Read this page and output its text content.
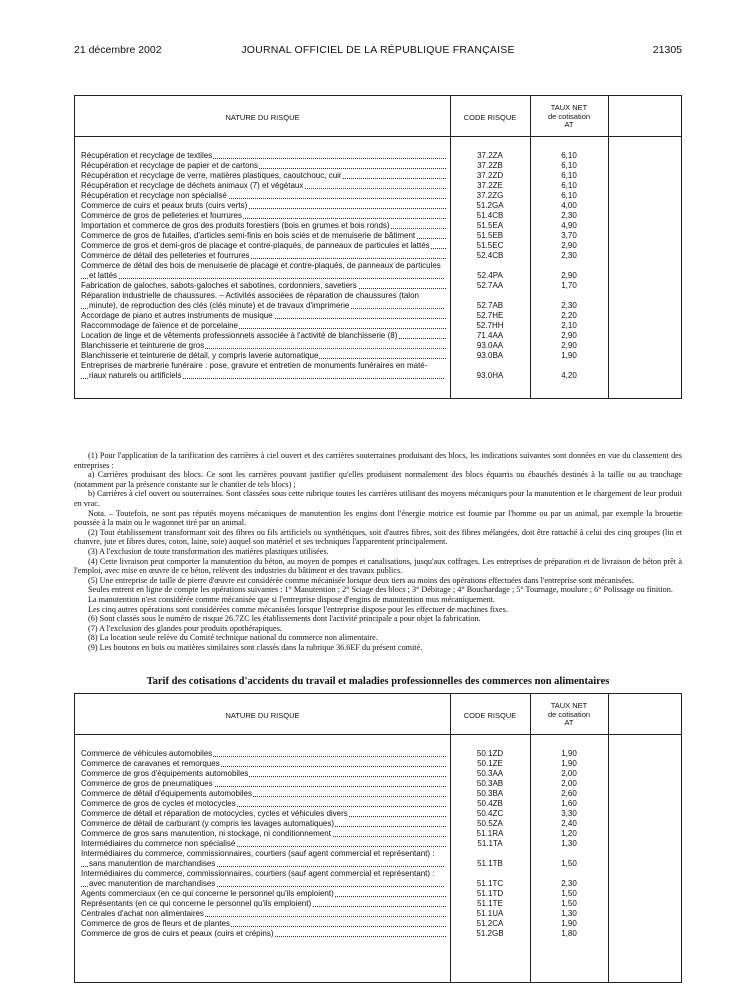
21 décembre 2002	JOURNAL OFFICIEL DE LA RÉPUBLIQUE FRANÇAISE	21305
NATURE DU RISQUE	CODE RISQUE
TAUX NET
de cotisation
AT
Récupération et recyclage de textiles	37.2ZA	6,10
Récupération et recyclage de papier et de cartons	37.2ZB	6,10
Récupération et recyclage de verre, matières plastiques, caoutchouc, cuir	37.2ZD	6,10
Récupération et recyclage de déchets animaux (7) et végétaux	37.2ZE	6,10
Récupération et recyclage non spécialisé	37.2ZG	6,10
Commerce de cuirs et peaux bruts (cuirs verts)	51.2GA	4,00
Commerce de gros de pelleteries et fourrures	51.4CB	2,30
Importation et commerce de gros des produits forestiers (bois en grumes et bois ronds)	51.5EA	4,90
Commerce de gros de futailles, d'articles semi-finis en bois sciés et de menuiserie de bâtiment	51.5EB	3,70
Commerce de gros et demi-gros de placage et contre-plaqués, de panneaux de particules et lattés	51.5EC	2,90
Commerce de détail des pelleteries et fourrures	52.4CB	2,30
Commerce de détail des bois de menuiserie de placage et contre-plaqués, de panneaux de particules
et lattés	52.4PA	2,90
Fabrication de galoches, sabots-galoches et sabotines, cordonniers, savetiers	52.7AA	1,70
Réparation industrielle de chaussures. – Activités associées de réparation de chaussures (talon
minute), de reproduction des clés (clés minute) et de travaux d'imprimerie	52.7AB	2,30
Accordage de piano et autres instruments de musique	52.7HE	2,20
Raccommodage de faïence et de porcelaine	52.7HH	2,10
Location de linge et de vêtements professionnels associée à l'activité de blanchisserie (8)	71.4AA	2,90
Blanchisserie et teinturerie de gros	93.0AA	2,90
Blanchisserie et teinturerie de détail, y compris laverie automatique	93.0BA	1,90
Entreprises de marbrerie funéraire : pose, gravure et entretien de monuments funéraires en maté-
riaux naturels ou artificiels	93.0HA	4,20

(1) Pour l'application de la tarification des carrières à ciel ouvert et des carrières souterraines produisant des blocs, les indications suivantes sont données en vue du classement des entreprises :

a) Carrières produisant des blocs. Ce sont les carrières pouvant justifier qu'elles produisent normalement des blocs équarris ou ébauchés destinés à la taille ou au tranchage (notamment par la présence constante sur le chantier de tels blocs) ;

b) Carrières à ciel ouvert ou souterraines. Sont classées sous cette rubrique toutes les carrières utilisant des moyens mécaniques pour la manutention et le chargement de leur produit en vrac.

Nota. – Toutefois, ne sont pas réputés moyens mécaniques de manutention les engins dont l'énergie motrice est fournie par l'homme ou par un animal, par exemple la brouette poussée à la main ou le wagonnet tiré par un animal.

(2) Tout établissement transformant soit des fibres ou fils artificiels ou synthétiques, soit d'autres fibres, soit des fibres mélangées, doit être rattaché à celui des cinq groupes (lin et chanvre, jute et fibres dures, coton, laine, soie) auquel son matériel et ses techniques l'apparentent principalement.

(3) A l'exclusion de toute transformation des matières plastiques utilisées.

(4) Cette livraison peut comporter la manutention du béton, au moyen de pompes et canalisations, jusqu'aux coffrages. Les entreprises de préparation et de livraison de béton prêt à l'emploi, avec mise en œuvre de ce béton, relèvent des industries du bâtiment et des travaux publics.

(5) Une entreprise de taille de pierre d'œuvre est considérée comme mécanisée lorsque deux tiers au moins des opérations effectuées dans l'entreprise sont mécanisées.

Seules entrent en ligne de compte les opérations suivantes : 1° Manutention ; 2° Sciage des blocs ; 3° Débitage ; 4° Bouchardage ; 5° Tournage, moulure ; 6° Polissage ou finition.

La manutention n'est considérée comme mécanisée que si l'entreprise dispose d'engins de manutention mus mécaniquement.

Les cinq autres opérations sont considérées comme mécanisées lorsque l'entreprise dispose pour les effectuer de machines fixes.

(6) Sont classés sous le numéro de risque 26.7ZC les établissements dont l'activité principale a pour objet la fabrication.

(7) A l'exclusion des glandes pour produits opothérapiques.

(8) La location seule relève du Comité technique national du commerce non alimentaire.

(9) Les boutons en bois ou matières similaires sont classés dans la rubrique 36.6EF du présent comité.

Tarif des cotisations d'accidents du travail et maladies professionnelles des commerces non alimentaires
NATURE DU RISQUE	CODE RISQUE
TAUX NET
de cotisation
AT
Commerce de véhicules automobiles	50.1ZD	1,90
Commerce de caravanes et remorques	50.1ZE	1,90
Commerce de gros d'équipements automobiles	50.3AA	2,00
Commerce de gros de pneumatiques	50.3AB	2,00
Commerce de détail d'équipements automobiles	50.3BA	2,60
Commerce de gros de cycles et motocycles	50.4ZB	1,60
Commerce de détail et réparation de motocycles, cycles et véhicules divers	50.4ZC	3,30
Commerce de détail de carburant (y compris les lavages automatiques)	50.5ZA	2,40
Commerce de gros sans manutention, ni stockage, ni conditionnement	51.1RA	1,20
Intermédiaires du commerce non spécialisé	51.1TA	1,30
Intermédiaires du commerce, commissionnaires, courtiers (sauf agent commercial et représentant) :
sans manutention de marchandises	51.1TB	1,50
Intermédiaires du commerce, commissionnaires, courtiers (sauf agent commercial et représentant) :
avec manutention de marchandises	51.1TC	2,30
Agents commerciaux (en ce qui concerne le personnel qu'ils emploient)	51.1TD	1,50
Représentants (en ce qui concerne le personnel qu'ils emploient)	51.1TE	1,50
Centrales d'achat non alimentaires	51.1UA	1,30
Commerce de gros de fleurs et de plantes	51.2CA	1,90
Commerce de gros de cuirs et peaux (cuirs et crépins)	51.2GB	1,80
